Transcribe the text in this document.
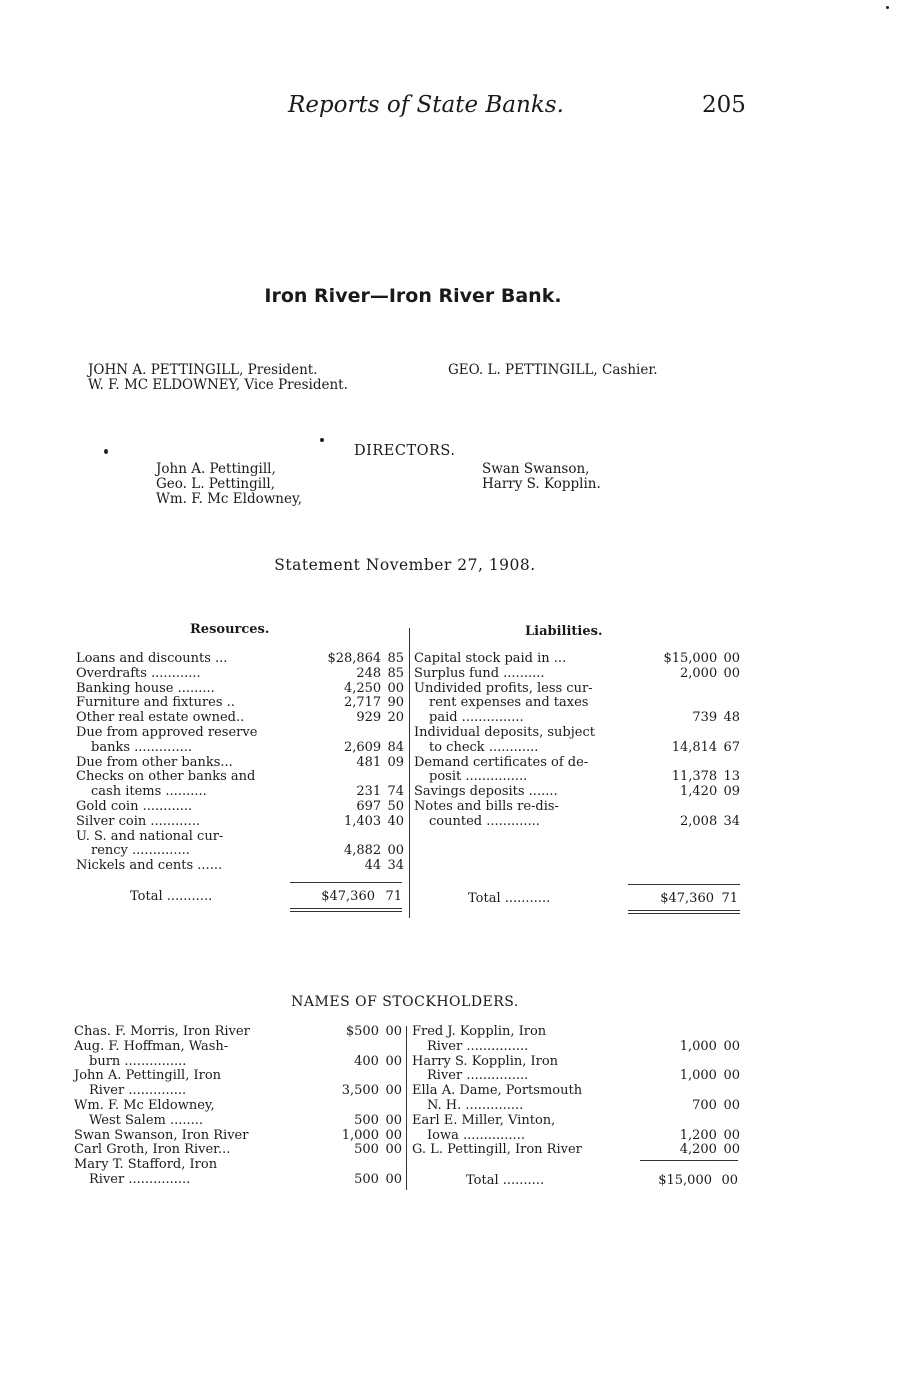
Reports of State Banks.	205
Iron River—Iron River Bank.
JOHN A. PETTINGILL, President.
W. F. MC ELDOWNEY, Vice President.
GEO. L. PETTINGILL, Cashier.
DIRECTORS.
John A. Pettingill,
Geo. L. Pettingill,
Wm. F. Mc Eldowney,
Swan Swanson,
Harry S. Kopplin.
Statement November 27, 1908.
Resources.	Liabilities.
Loans and discounts ...	$28,864	85
Overdrafts ............	248	85
Banking house .........	4,250	00
Furniture and fixtures ..	2,717	90
Other real estate owned..	929	20
Due from approved reserve		
banks ..............	2,609	84
Due from other banks...	481	09
Checks on other banks and		
cash items ..........	231	74
Gold coin ............	697	50
Silver coin ............	1,403	40
U. S. and national cur-		
rency ..............	4,882	00
Nickels and cents ......	44	34
Capital stock paid in ...	$15,000	00
Surplus fund ..........	2,000	00
Undivided profits, less cur-		
rent expenses and taxes		
paid ...............	739	48
Individual deposits, subject		
to check ............	14,814	67
Demand certificates of de-		
posit ...............	11,378	13
Savings deposits .......	1,420	09
Notes and bills re-dis-		
counted .............	2,008	34
Total ...........	$47,360 71	Total ...........	$47,360 71
NAMES OF STOCKHOLDERS.
Chas. F. Morris, Iron River	$500	00
Aug. F. Hoffman, Wash-		
burn ...............	400	00
John A. Pettingill, Iron		
River ..............	3,500	00
Wm. F. Mc Eldowney,		
West Salem ........	500	00
Swan Swanson, Iron River	1,000	00
Carl Groth, Iron River...	500	00
Mary T. Stafford, Iron		
River ...............	500	00
Fred J. Kopplin, Iron		
River ...............	1,000	00
Harry S. Kopplin, Iron		
River ...............	1,000	00
Ella A. Dame, Portsmouth		
N. H. ..............	700	00
Earl E. Miller, Vinton,		
Iowa ...............	1,200	00
G. L. Pettingill, Iron River	4,200	00
Total ..........	$15,000 00
